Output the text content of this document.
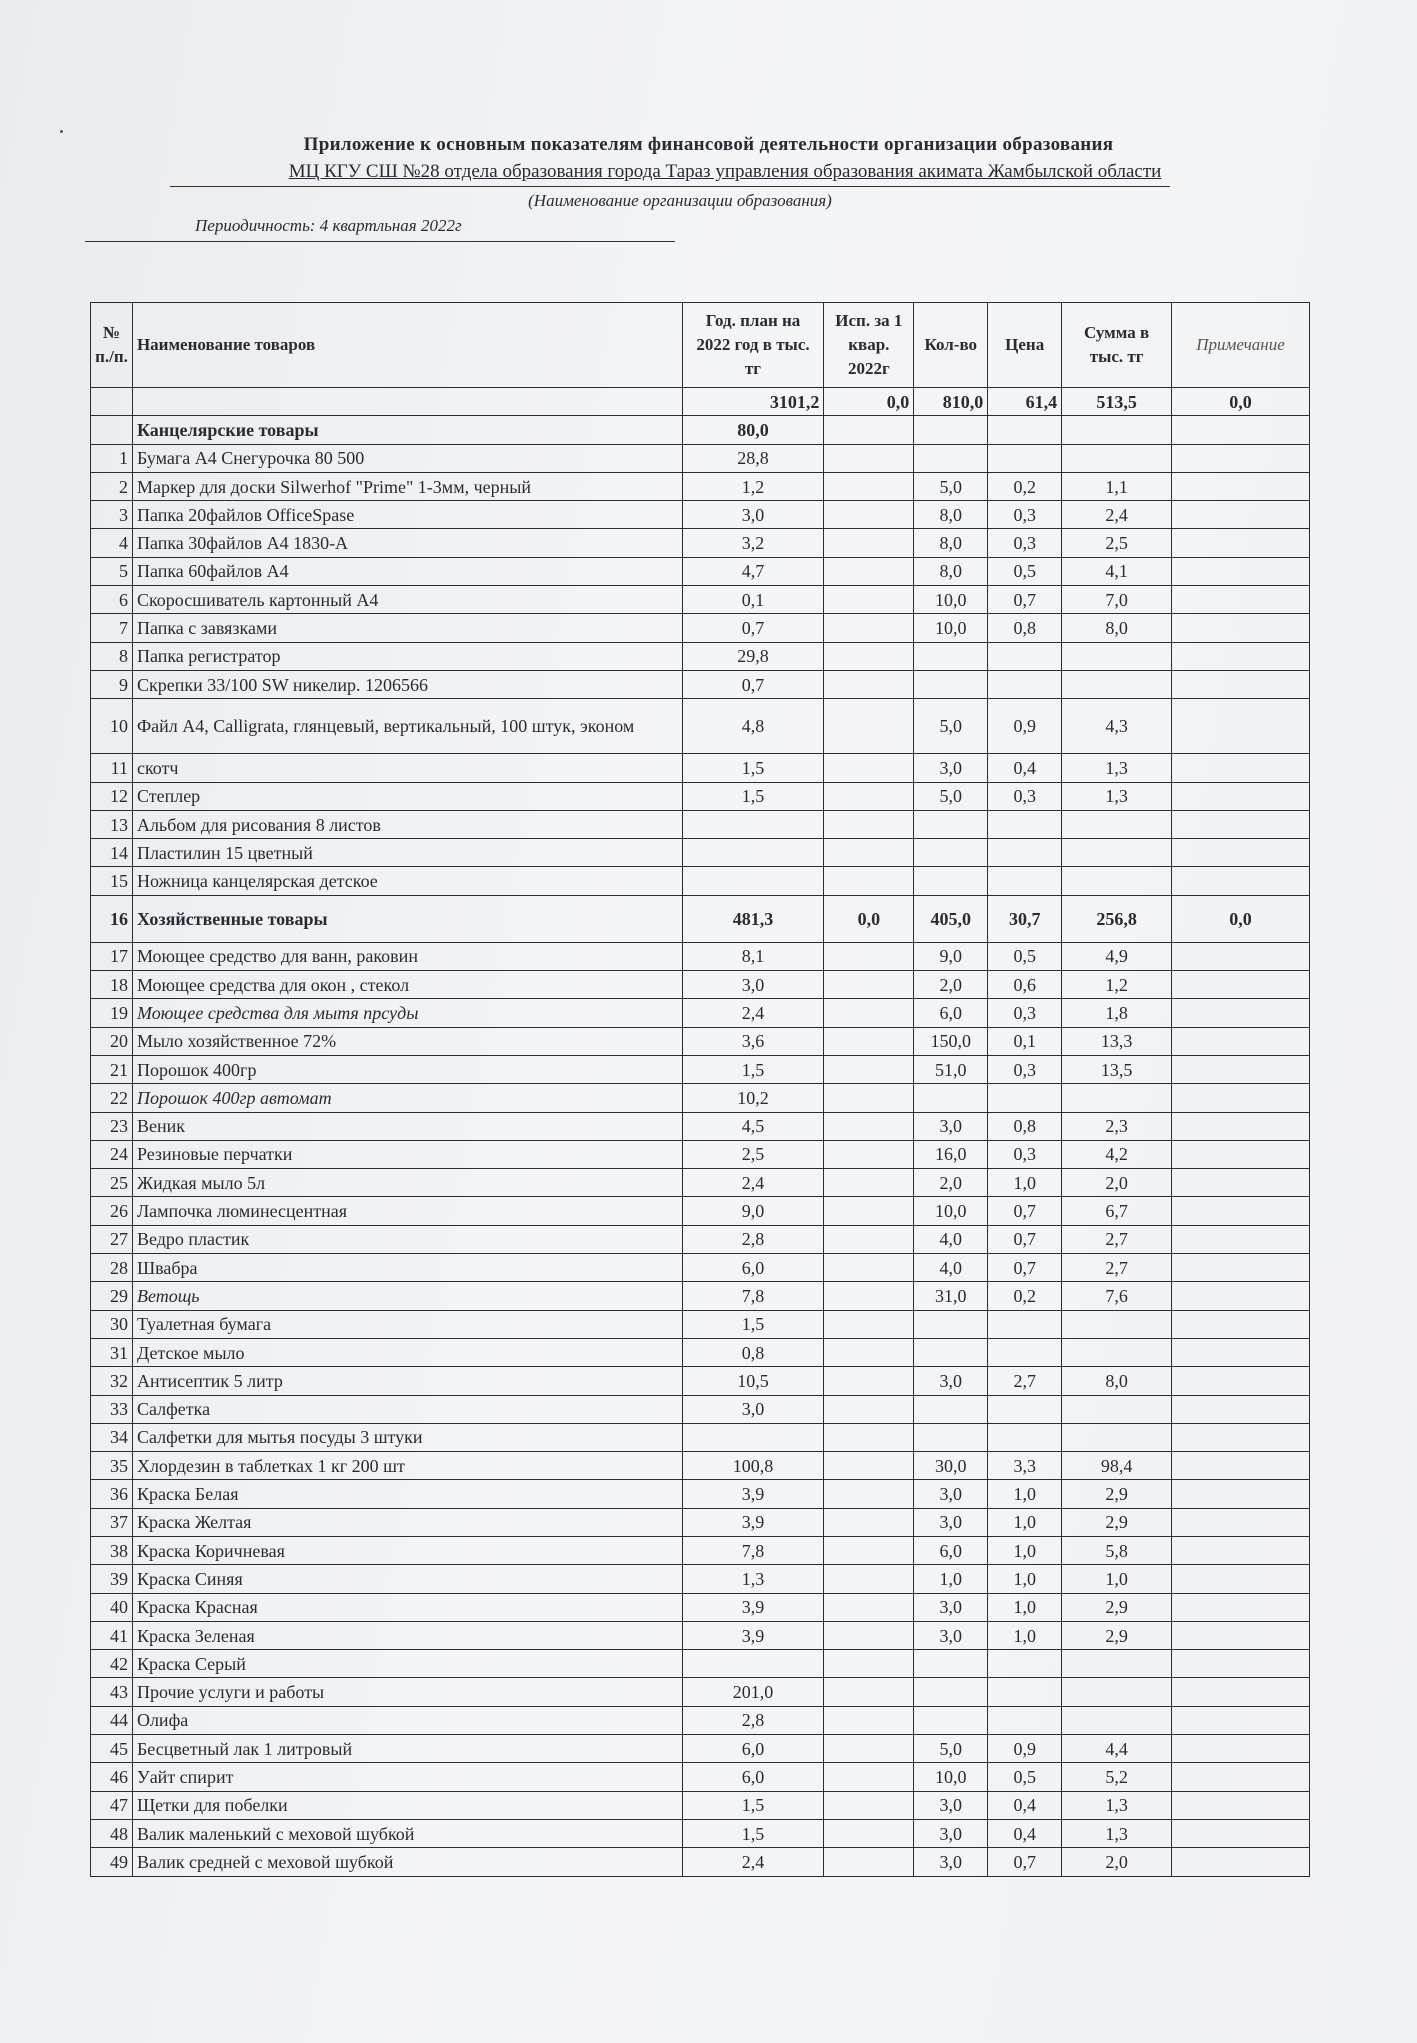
Приложение к основным показателям финансовой деятельности организации образования
МЦ КГУ СШ №28 отдела образования города Тараз управления образования акимата Жамбылской области
(Наименование организации образования)
Периодичность: 4 квартльная 2022г
№ п./п.	Наименование товаров	Год. план на 2022 год в тыс. тг	Исп. за 1 квар. 2022г	Кол-во	Цена	Сумма в тыс. тг	Примечание
		3101,2	0,0	810,0	61,4	513,5	0,0
	Канцелярские товары	80,0					
1	Бумага А4 Снегурочка 80 500	28,8					
2	Маркер для доски Silwerhof "Prime" 1-3мм, черный	1,2		5,0	0,2	1,1	
3	Папка 20файлов OfficeSpase	3,0		8,0	0,3	2,4	
4	Папка 30файлов А4 1830-А	3,2		8,0	0,3	2,5	
5	Папка 60файлов А4	4,7		8,0	0,5	4,1	
6	Скоросшиватель картонный А4	0,1		10,0	0,7	7,0	
7	Папка с завязками	0,7		10,0	0,8	8,0	
8	Папка регистратор	29,8					
9	Скрепки 33/100 SW никелир. 1206566	0,7					
10	Файл А4, Calligrata, глянцевый, вертикальный, 100 штук, эконом	4,8		5,0	0,9	4,3	
11	скотч	1,5		3,0	0,4	1,3	
12	Степлер	1,5		5,0	0,3	1,3	
13	Альбом для рисования 8 листов						
14	Пластилин 15 цветный						
15	Ножница канцелярская детское						
16	Хозяйственные товары	481,3	0,0	405,0	30,7	256,8	0,0
17	Моющее средство для ванн, раковин	8,1		9,0	0,5	4,9	
18	Моющее средства для окон , стекол	3,0		2,0	0,6	1,2	
19	Моющее средства для мытя прсуды	2,4		6,0	0,3	1,8	
20	Мыло хозяйственное 72%	3,6		150,0	0,1	13,3	
21	Порошок 400гр	1,5		51,0	0,3	13,5	
22	Порошок 400гр автомат	10,2					
23	Веник	4,5		3,0	0,8	2,3	
24	Резиновые перчатки	2,5		16,0	0,3	4,2	
25	Жидкая мыло 5л	2,4		2,0	1,0	2,0	
26	Лампочка люминесцентная	9,0		10,0	0,7	6,7	
27	Ведро пластик	2,8		4,0	0,7	2,7	
28	Швабра	6,0		4,0	0,7	2,7	
29	Ветощь	7,8		31,0	0,2	7,6	
30	Туалетная бумага	1,5					
31	Детское мыло	0,8					
32	Антисептик 5 литр	10,5		3,0	2,7	8,0	
33	Салфетка	3,0					
34	Салфетки для мытья посуды 3 штуки						
35	Хлордезин в таблетках 1 кг 200 шт	100,8		30,0	3,3	98,4	
36	Краска Белая	3,9		3,0	1,0	2,9	
37	Краска Желтая	3,9		3,0	1,0	2,9	
38	Краска Коричневая	7,8		6,0	1,0	5,8	
39	Краска Синяя	1,3		1,0	1,0	1,0	
40	Краска Красная	3,9		3,0	1,0	2,9	
41	Краска Зеленая	3,9		3,0	1,0	2,9	
42	Краска Серый						
43	Прочие услуги и работы	201,0					
44	Олифа	2,8					
45	Бесцветный лак 1 литровый	6,0		5,0	0,9	4,4	
46	Уайт спирит	6,0		10,0	0,5	5,2	
47	Щетки для побелки	1,5		3,0	0,4	1,3	
48	Валик маленький с меховой шубкой	1,5		3,0	0,4	1,3	
49	Валик средней с меховой шубкой	2,4		3,0	0,7	2,0	
